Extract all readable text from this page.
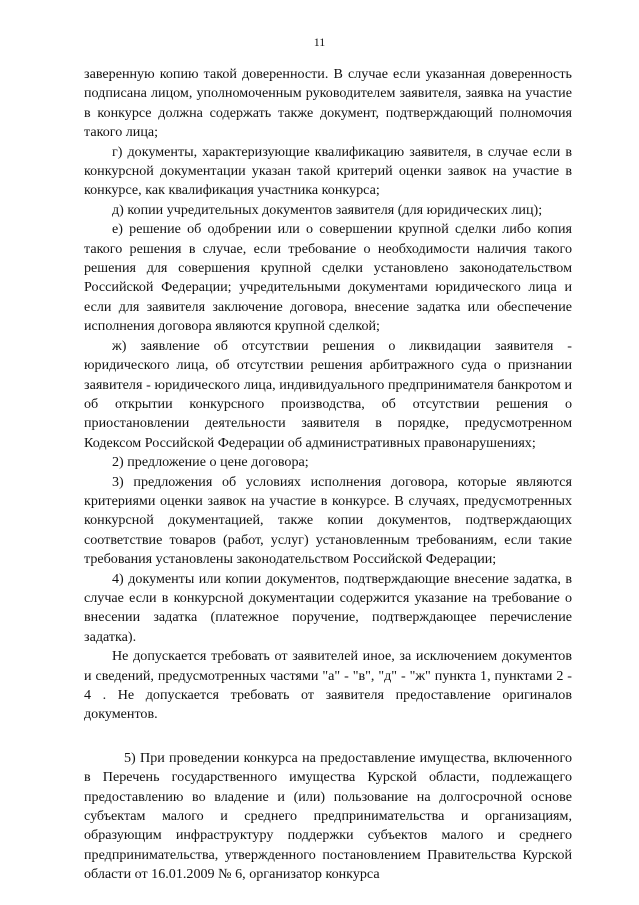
11

заверенную копию такой доверенности. В случае если указанная доверенность подписана лицом, уполномоченным руководителем заявителя, заявка на участие в конкурсе должна содержать также документ, подтверждающий полномочия такого лица;

г) документы, характеризующие квалификацию заявителя, в случае если в конкурсной документации указан такой критерий оценки заявок на участие в конкурсе, как квалификация участника конкурса;

д) копии учредительных документов заявителя (для юридических лиц);

е) решение об одобрении или о совершении крупной сделки либо копия такого решения в случае, если требование о необходимости наличия такого решения для совершения крупной сделки установлено законодательством Российской Федерации; учредительными документами юридического лица и если для заявителя заключение договора, внесение задатка или обеспечение исполнения договора являются крупной сделкой;

ж) заявление об отсутствии решения о ликвидации заявителя - юридического лица, об отсутствии решения арбитражного суда о признании заявителя - юридического лица, индивидуального предпринимателя банкротом и об открытии конкурсного производства, об отсутствии решения о приостановлении деятельности заявителя в порядке, предусмотренном Кодексом Российской Федерации об административных правонарушениях;

2) предложение о цене договора;

3) предложения об условиях исполнения договора, которые являются критериями оценки заявок на участие в конкурсе. В случаях, предусмотренных конкурсной документацией, также копии документов, подтверждающих соответствие товаров (работ, услуг) установленным требованиям, если такие требования установлены законодательством Российской Федерации;

4) документы или копии документов, подтверждающие внесение задатка, в случае если в конкурсной документации содержится указание на требование о внесении задатка (платежное поручение, подтверждающее перечисление задатка).

Не допускается требовать от заявителей иное, за исключением документов и сведений, предусмотренных частями "а" - "в", "д" - "ж" пункта 1, пунктами 2 - 4 . Не допускается требовать от заявителя предоставление оригиналов документов.

5) При проведении конкурса на предоставление имущества, включенного в Перечень государственного имущества Курской области, подлежащего предоставлению во владение и (или) пользование на долгосрочной основе субъектам малого и среднего предпринимательства и организациям, образующим инфраструктуру поддержки субъектов малого и среднего предпринимательства, утвержденного постановлением Правительства Курской области от 16.01.2009 № 6, организатор конкурса
